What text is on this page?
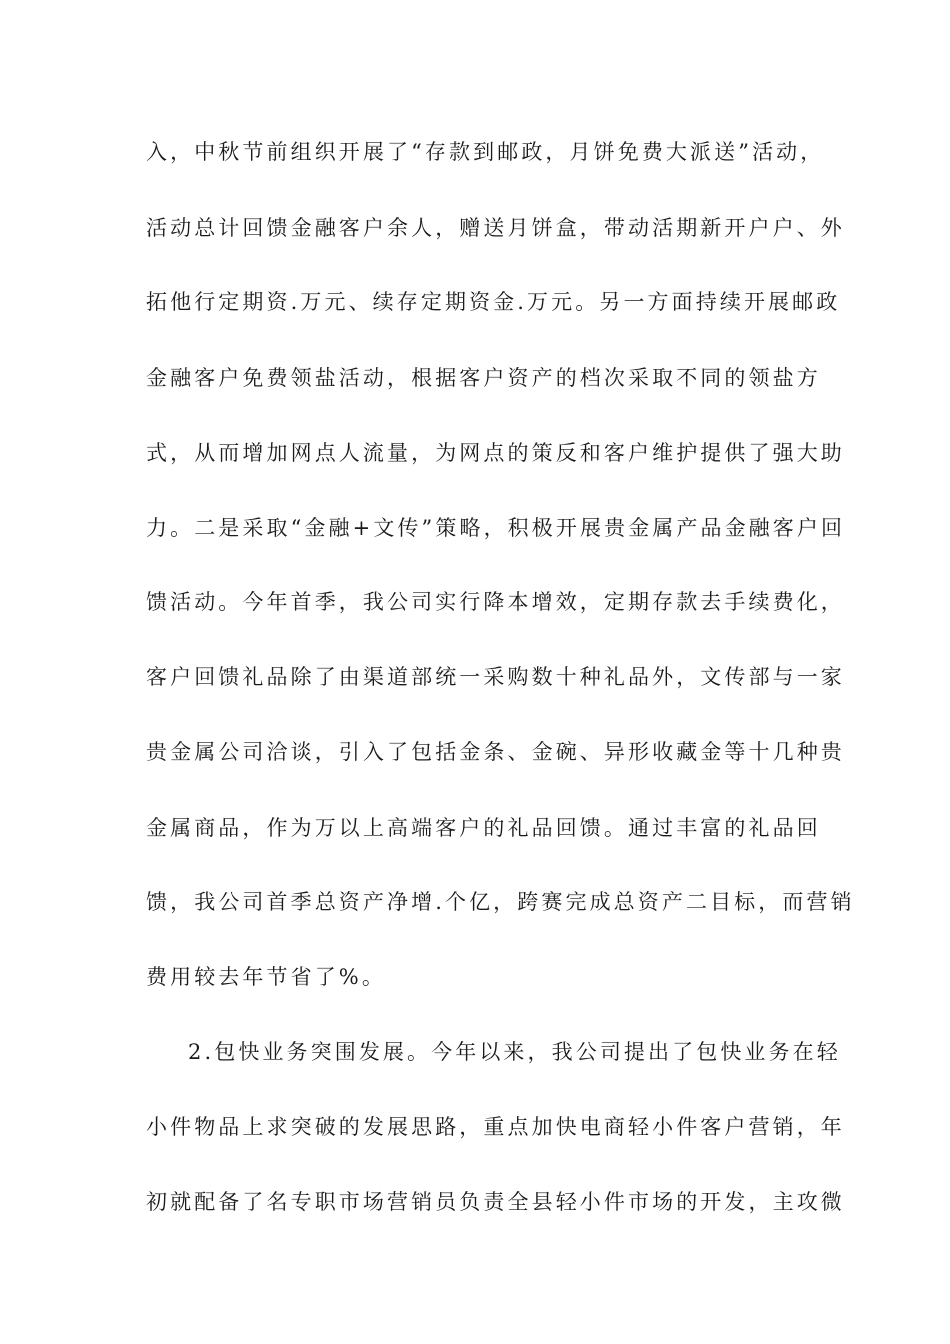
入，中秋节前组织开展了“存款到邮政，月饼免费大派送”活动，
活动总计回馈金融客户余人，赠送月饼盒，带动活期新开户户、外
拓他行定期资.万元、续存定期资金.万元。另一方面持续开展邮政
金融客户免费领盐活动，根据客户资产的档次采取不同的领盐方
式，从而增加网点人流量，为网点的策反和客户维护提供了强大助
力。二是采取“金融+文传”策略，积极开展贵金属产品金融客户回
馈活动。今年首季，我公司实行降本增效，定期存款去手续费化，
客户回馈礼品除了由渠道部统一采购数十种礼品外，文传部与一家
贵金属公司洽谈，引入了包括金条、金碗、异形收藏金等十几种贵
金属商品，作为万以上高端客户的礼品回馈。通过丰富的礼品回
馈，我公司首季总资产净增.个亿，跨赛完成总资产二目标，而营销
费用较去年节省了%。
2.包快业务突围发展。今年以来，我公司提出了包快业务在轻
小件物品上求突破的发展思路，重点加快电商轻小件客户营销，年
初就配备了名专职市场营销员负责全县轻小件市场的开发，主攻微
